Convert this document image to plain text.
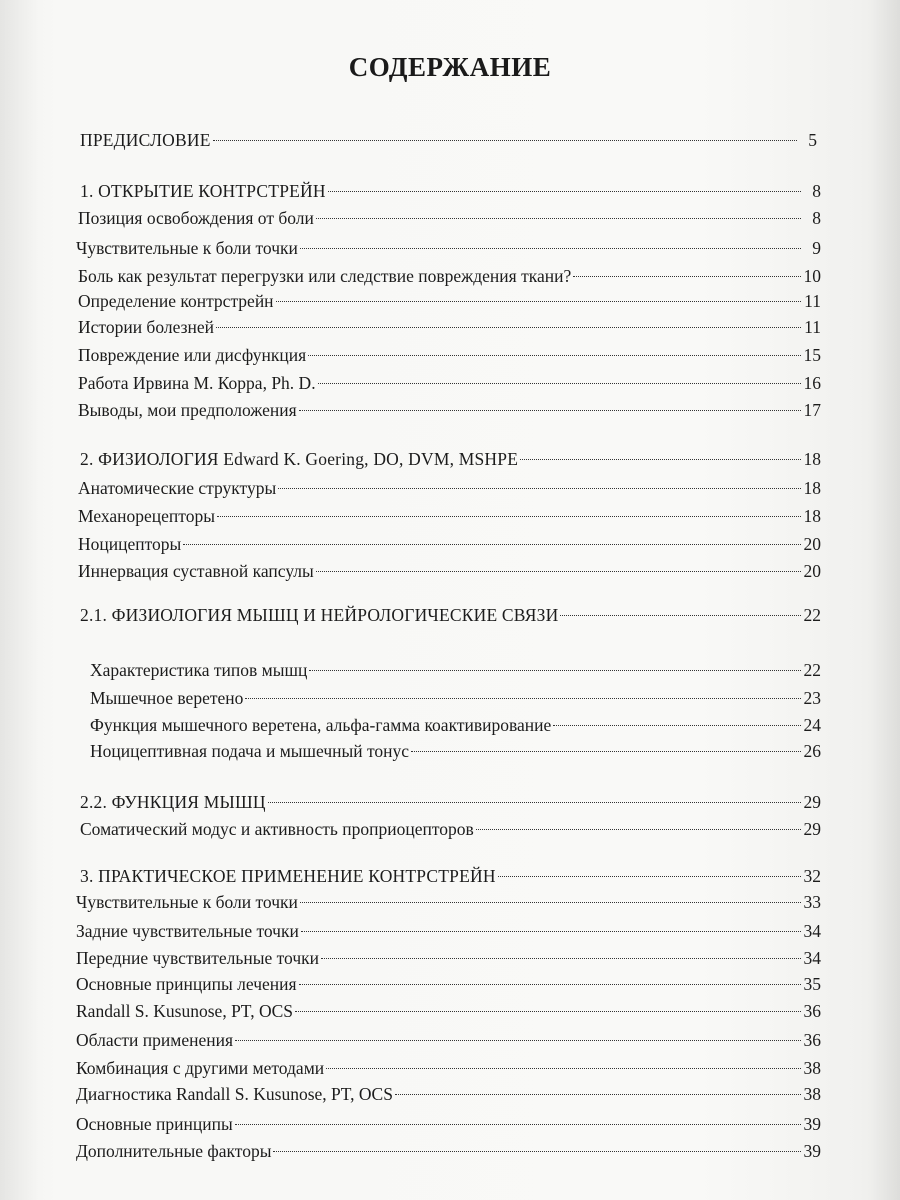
СОДЕРЖАНИЕ
ПРЕДИСЛОВИЕ	5
1. ОТКРЫТИЕ КОНТРСТРЕЙН	8
Позиция освобождения от боли	8
Чувствительные к боли точки	9
Боль как результат перегрузки или следствие повреждения ткани?	10
Определение контрстрейн	11
Истории болезней	11
Повреждение или дисфункция	15
Работа Ирвина М. Корра, Ph. D.	16
Выводы, мои предположения	17
2. ФИЗИОЛОГИЯ Edward K. Goering, DO, DVM, MSHPE	18
Анатомические структуры	18
Механорецепторы	18
Ноцицепторы	20
Иннервация суставной капсулы	20
2.1. ФИЗИОЛОГИЯ МЫШЦ И НЕЙРОЛОГИЧЕСКИЕ СВЯЗИ	22
Характеристика типов мышц	22
Мышечное веретено	23
Функция мышечного веретена, альфа-гамма коактивирование	24
Ноцицептивная подача и мышечный тонус	26
2.2. ФУНКЦИЯ МЫШЦ	29
Соматический модус и активность проприоцепторов	29
3. ПРАКТИЧЕСКОЕ ПРИМЕНЕНИЕ КОНТРСТРЕЙН	32
Чувствительные к боли точки	33
Задние чувствительные точки	34
Передние чувствительные точки	34
Основные принципы лечения	35
Randall S. Kusunose, PT, OCS	36
Области применения	36
Комбинация с другими методами	38
Диагностика Randall S. Kusunose, PT, OCS	38
Основные принципы	39
Дополнительные факторы	39
